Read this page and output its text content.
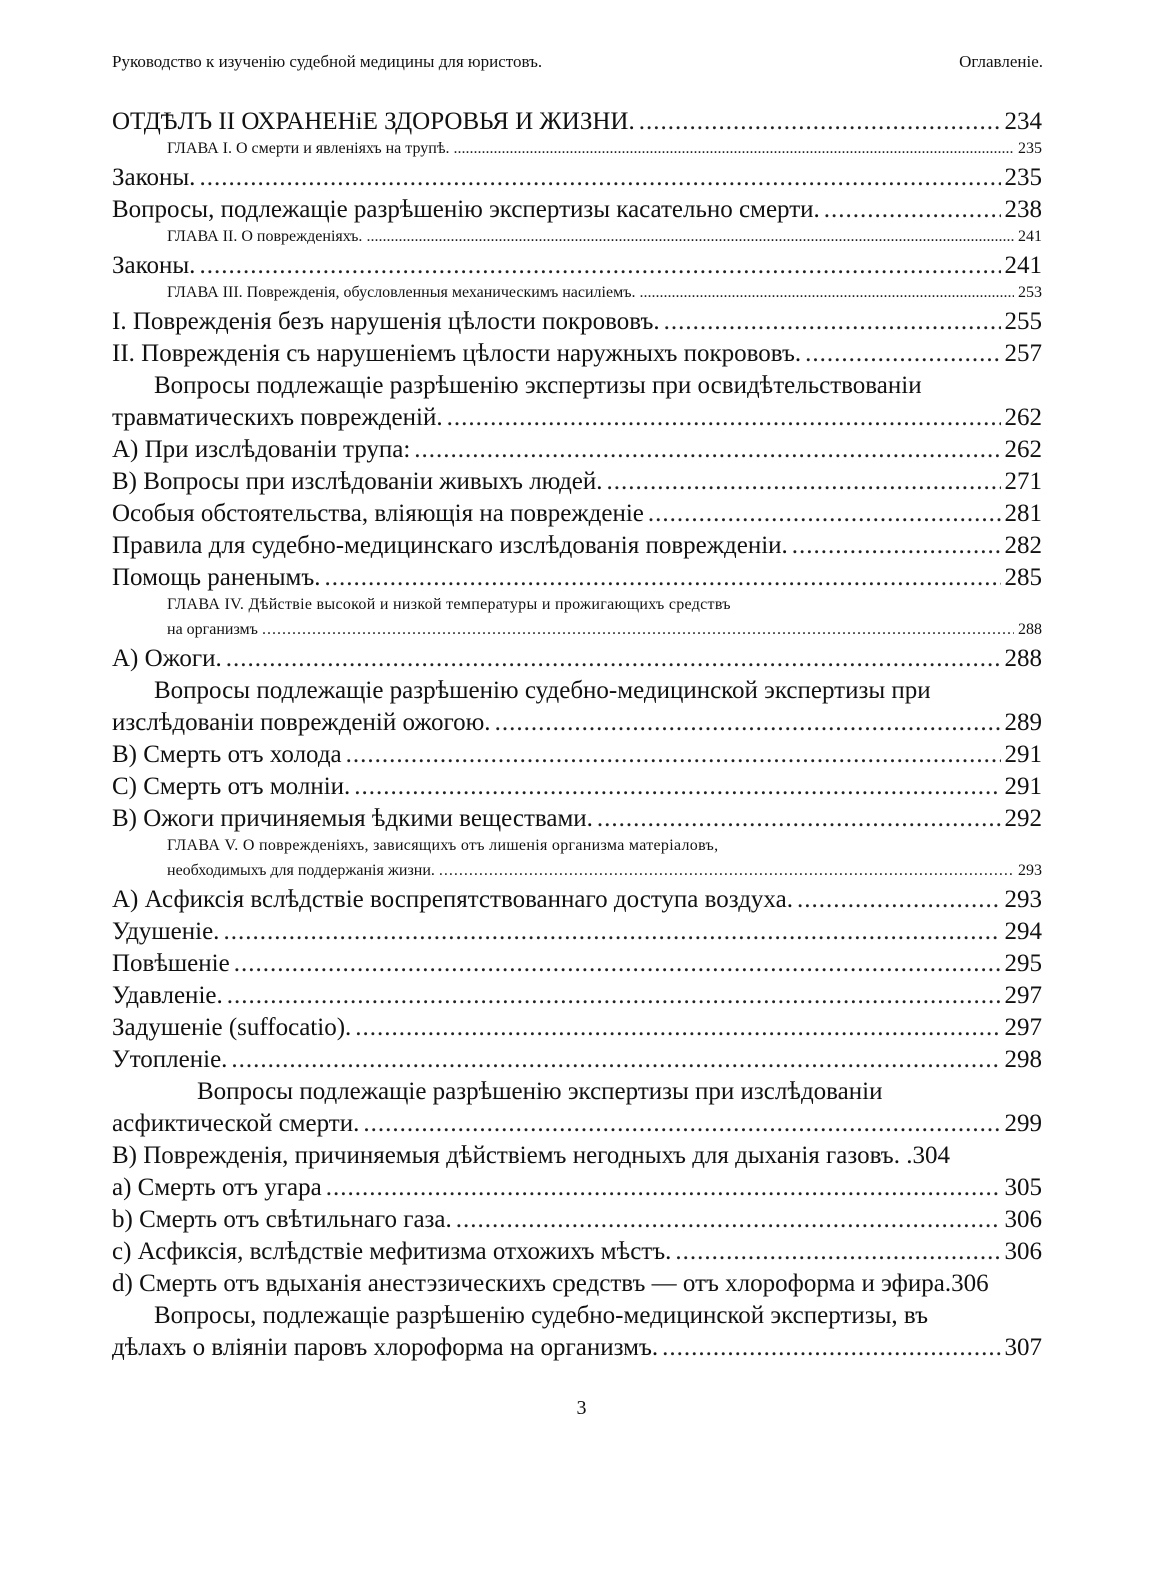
Руководство к изученію судебной медицины для юристовъ.	Оглавленіе.
ОТДѢЛЪ II ОХРАНЕНiЕ ЗДОРОВЬЯ И ЖИЗНИ. .....	234
ГЛАВА I. О смерти и явленіяхъ на трупѣ. .....	235
Законы. .....	235
Вопросы, подлежащіе разрѣшенію экспертизы касательно смерти. .....	238
ГЛАВА II. О поврежденіяхъ. .....	241
Законы. .....	241
ГЛАВА III. Поврежденія, обусловленныя механическимъ насиліемъ. .....	253
I. Поврежденія безъ нарушенія цѣлости покрововъ. .....	255
II. Поврежденія съ нарушеніемъ цѣлости наружныхъ покрововъ. .....	257
Вопросы подлежащіе разрѣшенію экспертизы при освидѣтельствованіи
травматическихъ поврежденій. .....	262
А) При изслѣдованіи трупа: .....	262
В) Вопросы при изслѣдованіи живыхъ людей. .....	271
Особыя обстоятельства, вліяющія на поврежденіе .....	281
Правила для судебно-медицинскаго изслѣдованія поврежденіи. .....	282
Помощь раненымъ. .....	285
ГЛАВА IV. Дѣйствіе высокой и низкой температуры и прожигающихъ средствъ
на организмъ .....	288
А) Ожоги. .....	288
Вопросы подлежащіе разрѣшенію судебно-медицинской экспертизы при
изслѣдованіи поврежденій ожогою. .....	289
В) Смерть отъ холода .....	291
С) Смерть отъ молніи. .....	291
В) Ожоги причиняемыя ѣдкими веществами. .....	292
ГЛАВА V. О поврежденіяхъ, зависящихъ отъ лишенія организма матеріаловъ,
необходимыхъ для поддержанія жизни. .....	293
А) Асфиксія вслѣдствіе воспрепятствованнаго доступа воздуха. .....	293
Удушеніе. .....	294
Повѣшеніе .....	295
Удавленіе. .....	297
Задушеніе (suffocatio). .....	297
Утопленіе. .....	298
Вопросы подлежащіе разрѣшенію экспертизы при изслѣдованіи
асфиктической смерти. .....	299
В) Поврежденія, причиняемыя дѣйствіемъ негодныхъ для дыханія газовъ. . 304
а) Смерть отъ угара .....	305
b) Смерть отъ свѣтильнаго газа. .....	306
с) Асфиксія, вслѣдствіе мефитизма отхожихъ мѣстъ. .....	306
d) Смерть отъ вдыханія анестэзическихъ средствъ — отъ хлороформа и эфира. 306
Вопросы, подлежащіе разрѣшенію судебно-медицинской экспертизы, въ
дѣлахъ о вліяніи паровъ хлороформа на организмъ. .....	307
3
